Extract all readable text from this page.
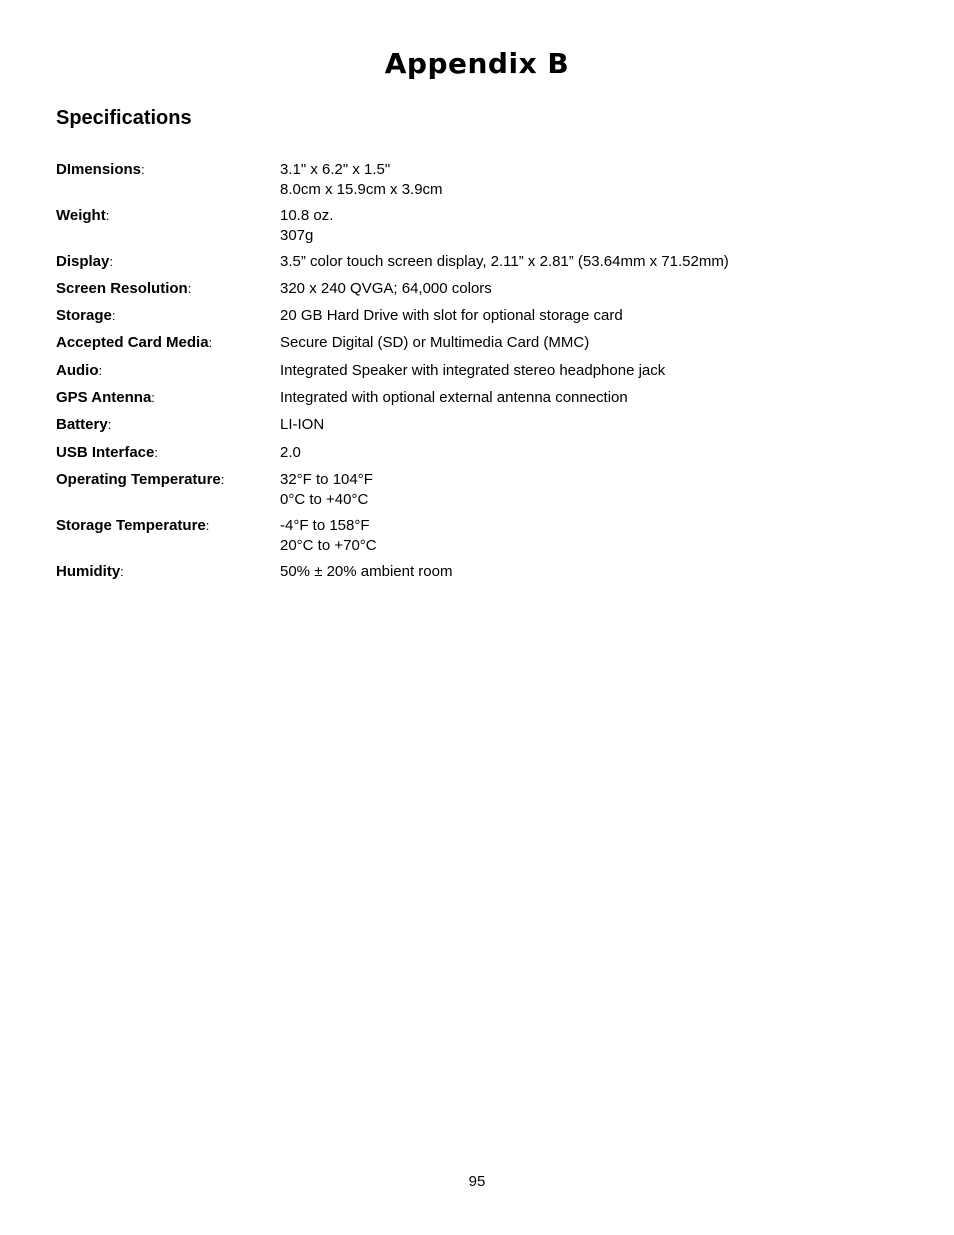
Appendix B
Specifications
DImensions:	3.1" x 6.2" x 1.5"
8.0cm x 15.9cm x 3.9cm
Weight:	10.8 oz.
307g
Display:	3.5” color touch screen display, 2.11” x 2.81” (53.64mm x 71.52mm)
Screen Resolution:	320 x 240 QVGA; 64,000 colors
Storage:	20 GB Hard Drive with slot for optional storage card
Accepted Card Media:	Secure Digital (SD) or Multimedia Card (MMC)
Audio:	Integrated Speaker with integrated stereo headphone jack
GPS Antenna:	Integrated with optional external antenna connection
Battery:	LI-ION
USB Interface:	2.0
Operating Temperature:	32°F to 104°F
0°C to +40°C
Storage Temperature:	-4°F to 158°F
20°C to +70°C
Humidity:	50% ± 20% ambient room
95
